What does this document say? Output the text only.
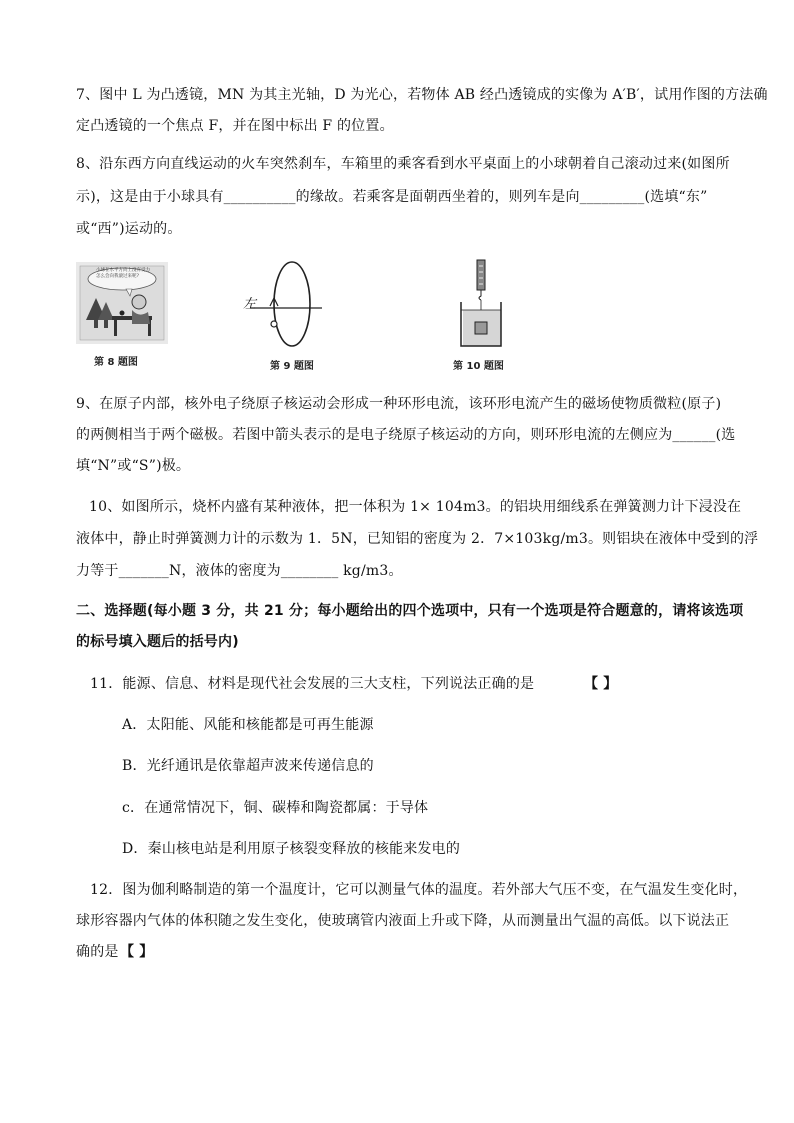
7、图中 L 为凸透镜，MN 为其主光轴，D 为光心，若物体 AB 经凸透镜成的实像为 A′B′，试用作图的方法确
定凸透镜的一个焦点 F，并在图中标出 F 的位置。
8、沿东西方向直线运动的火车突然刹车，车箱里的乘客看到水平桌面上的小球朝着自己滚动过来(如图所
示)，这是由于小球具有__________的缘故。若乘客是面朝西坐着的，则列车是向_________(选填“东”
或“西”)运动的。
小球在水平方向上没有受力怎么会向我滚过来呢?
第 8 题图
左
第 9 题图	第 10 题图
9、在原子内部，核外电子绕原子核运动会形成一种环形电流，该环形电流产生的磁场使物质微粒(原子)
的两侧相当于两个磁极。若图中箭头表示的是电子绕原子核运动的方向，则环形电流的左侧应为______(选
填“N”或“S”)极。
10、如图所示，烧杯内盛有某种液体，把一体积为 1× 104m3。的铝块用细线系在弹簧测力计下浸没在
液体中，静止时弹簧测力计的示数为 1．5N，已知铝的密度为 2．7×103kg/m3。则铝块在液体中受到的浮
力等于_______N，液体的密度为________ kg/m3。
二、选择题(每小题 3 分，共 21 分；每小题给出的四个选项中，只有一个选项是符合题意的，请将该选项
的标号填入题后的括号内)
11．能源、信息、材料是现代社会发展的三大支柱，下列说法正确的是	【 】
A．太阳能、风能和核能都是可再生能源
B．光纤通讯是依靠超声波来传递信息的
c．在通常情况下，铜、碳棒和陶瓷都属：于导体
D．秦山核电站是利用原子核裂变释放的核能来发电的
12．图为伽利略制造的第一个温度计，它可以测量气体的温度。若外部大气压不变，在气温发生变化时，
球形容器内气体的体积随之发生变化，使玻璃管内液面上升或下降，从而测量出气温的高低。以下说法正
确的是 【 】
